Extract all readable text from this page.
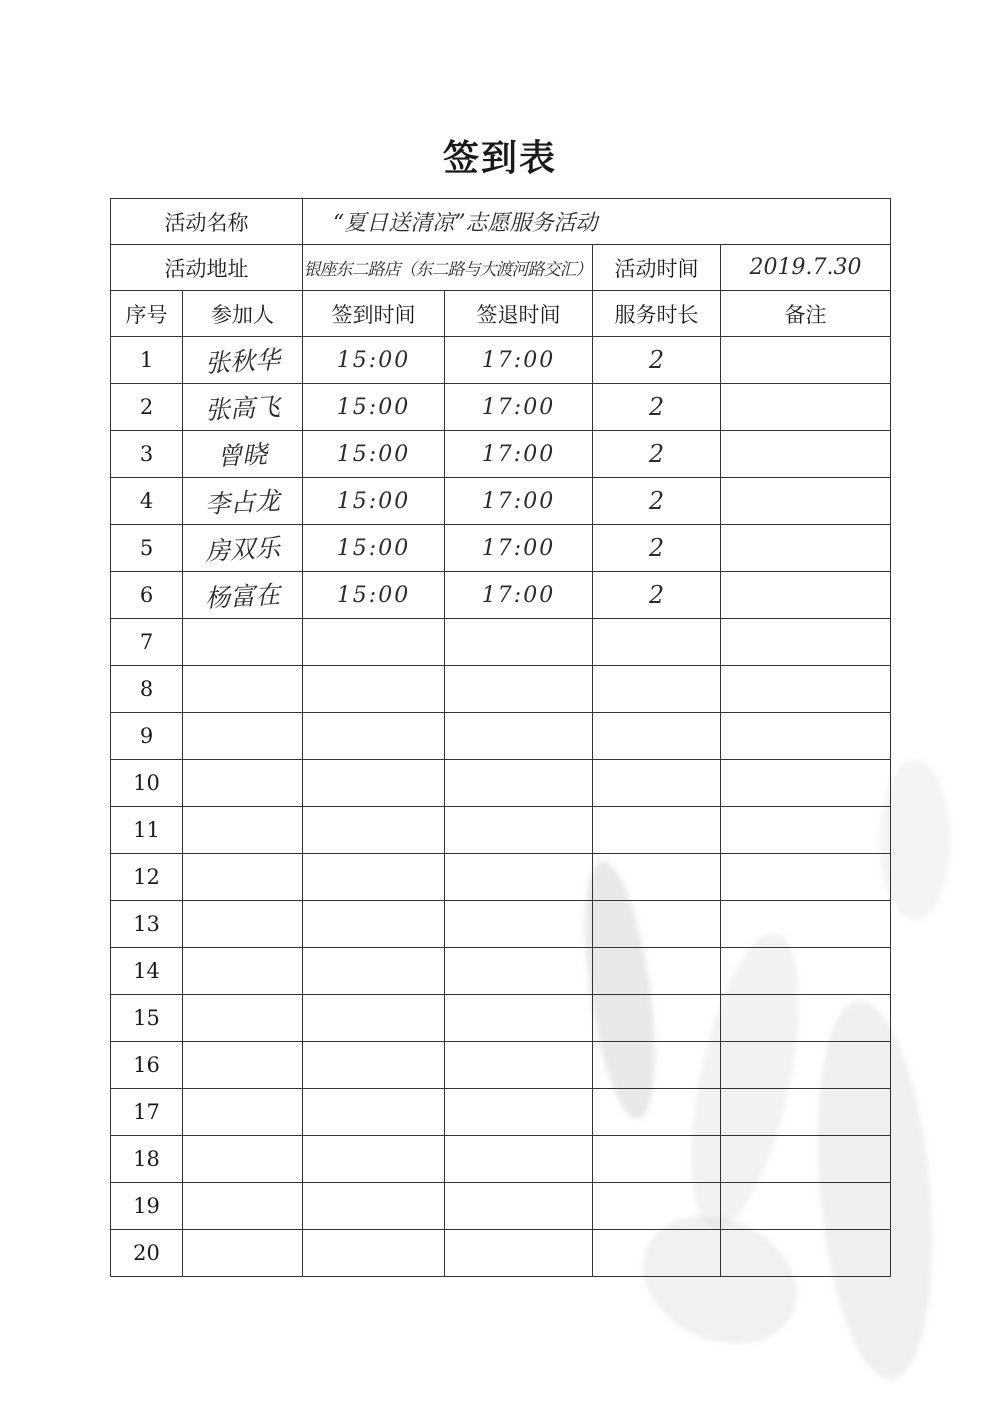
签到表
活动名称		“夏日送清凉”志愿服务活动			
活动地址		银座东二路店（东二路与大渡河路交汇）		活动时间	2019.7.30
序号	参加人	签到时间	签退时间	服务时长	备注
1	张秋华	15:00	17:00	2	
2	张高飞	15:00	17:00	2	
3	曾晓	15:00	17:00	2	
4	李占龙	15:00	17:00	2	
5	房双乐	15:00	17:00	2	
6	杨富在	15:00	17:00	2	
7					
8					
9					
10					
11					
12					
13					
14					
15					
16					
17					
18					
19					
20					
